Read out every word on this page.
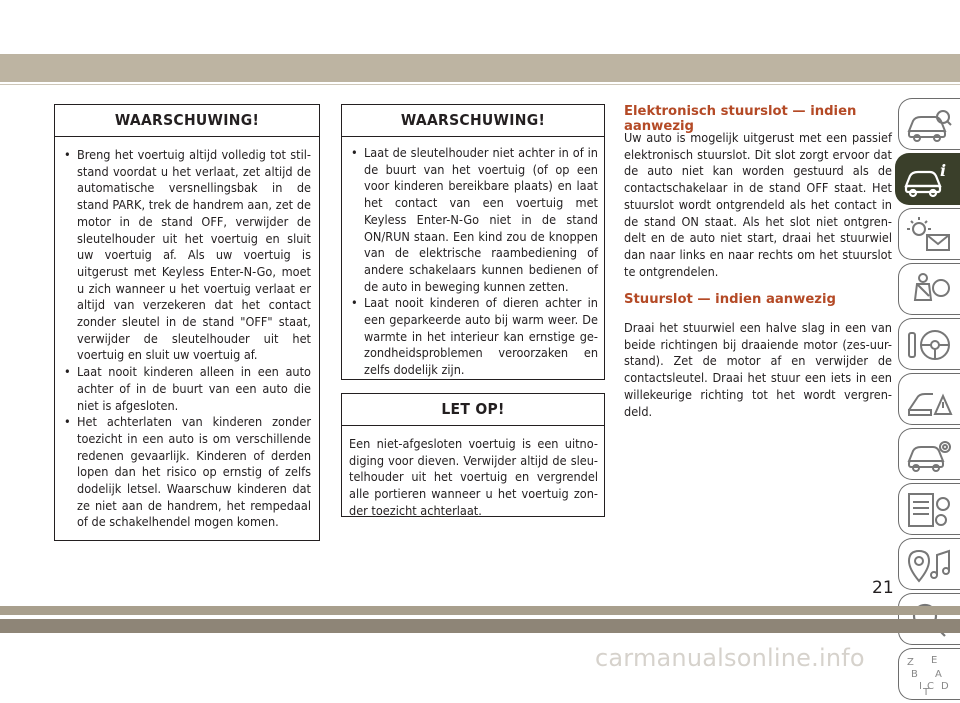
WAARSCHUWING!
• Breng het voertuig altijd volledig tot stil-stand voordat u het verlaat, zet altijd de automatische versnellingsbak in de stand PARK, trek de handrem aan, zet de motor in de stand OFF, verwijder de sleutelhouder uit het voertuig en sluit uw voertuig af. Als uw voertuig is uitgerust met Keyless Enter-N-Go, moet u zich wanneer u het voertuig verlaat er altijd van verzekeren dat het contact zonder sleutel in de stand "OFF" staat, verwijder de sleutelhouder uit het voertuig en sluit uw voertuig af.
• Laat nooit kinderen alleen in een auto achter of in de buurt van een auto die niet is afgesloten.
• Het achterlaten van kinderen zonder toezicht in een auto is om verschillende redenen gevaarlijk. Kinderen of derden lopen dan het risico op ernstig of zelfs dodelijk letsel. Waarschuw kinderen dat ze niet aan de handrem, het rempedaal of de schakelhendel mogen komen.
WAARSCHUWING!
• Laat de sleutelhouder niet achter in of in de buurt van het voertuig (of op een voor kinderen bereikbare plaats) en laat het contact van een voertuig met Keyless Enter-N-Go niet in de stand ON/RUN staan. Een kind zou de knoppen van de elektrische raambediening of andere schakelaars kunnen bedienen of de auto in beweging kunnen zetten.
• Laat nooit kinderen of dieren achter in een geparkeerde auto bij warm weer. De warmte in het interieur kan ernstige ge-zondheidsproblemen veroorzaken en zelfs dodelijk zijn.
LET OP!

Een niet-afgesloten voertuig is een uitno-diging voor dieven. Verwijder altijd de sleu-telhouder uit het voertuig en vergrendel alle portieren wanneer u het voertuig zon-der toezicht achterlaat.

Elektronisch stuurslot — indien aanwezig

Uw auto is mogelijk uitgerust met een passief elektronisch stuurslot. Dit slot zorgt ervoor dat de auto niet kan worden gestuurd als de contactschakelaar in de stand OFF staat. Het stuurslot wordt ontgrendeld als het contact in de stand ON staat. Als het slot niet ontgren-delt en de auto niet start, draai het stuurwiel dan naar links en naar rechts om het stuurslot te ontgrendelen.

Stuurslot — indien aanwezig

Draai het stuurwiel een halve slag in een van beide richtingen bij draaiende motor (zes-uur-stand). Zet de motor af en verwijder de contactsleutel. Draai het stuur een iets in een willekeurige richting tot het wordt vergren-deld.

i
Z E
B A
I C D
T
21
carmanualsonline.info
